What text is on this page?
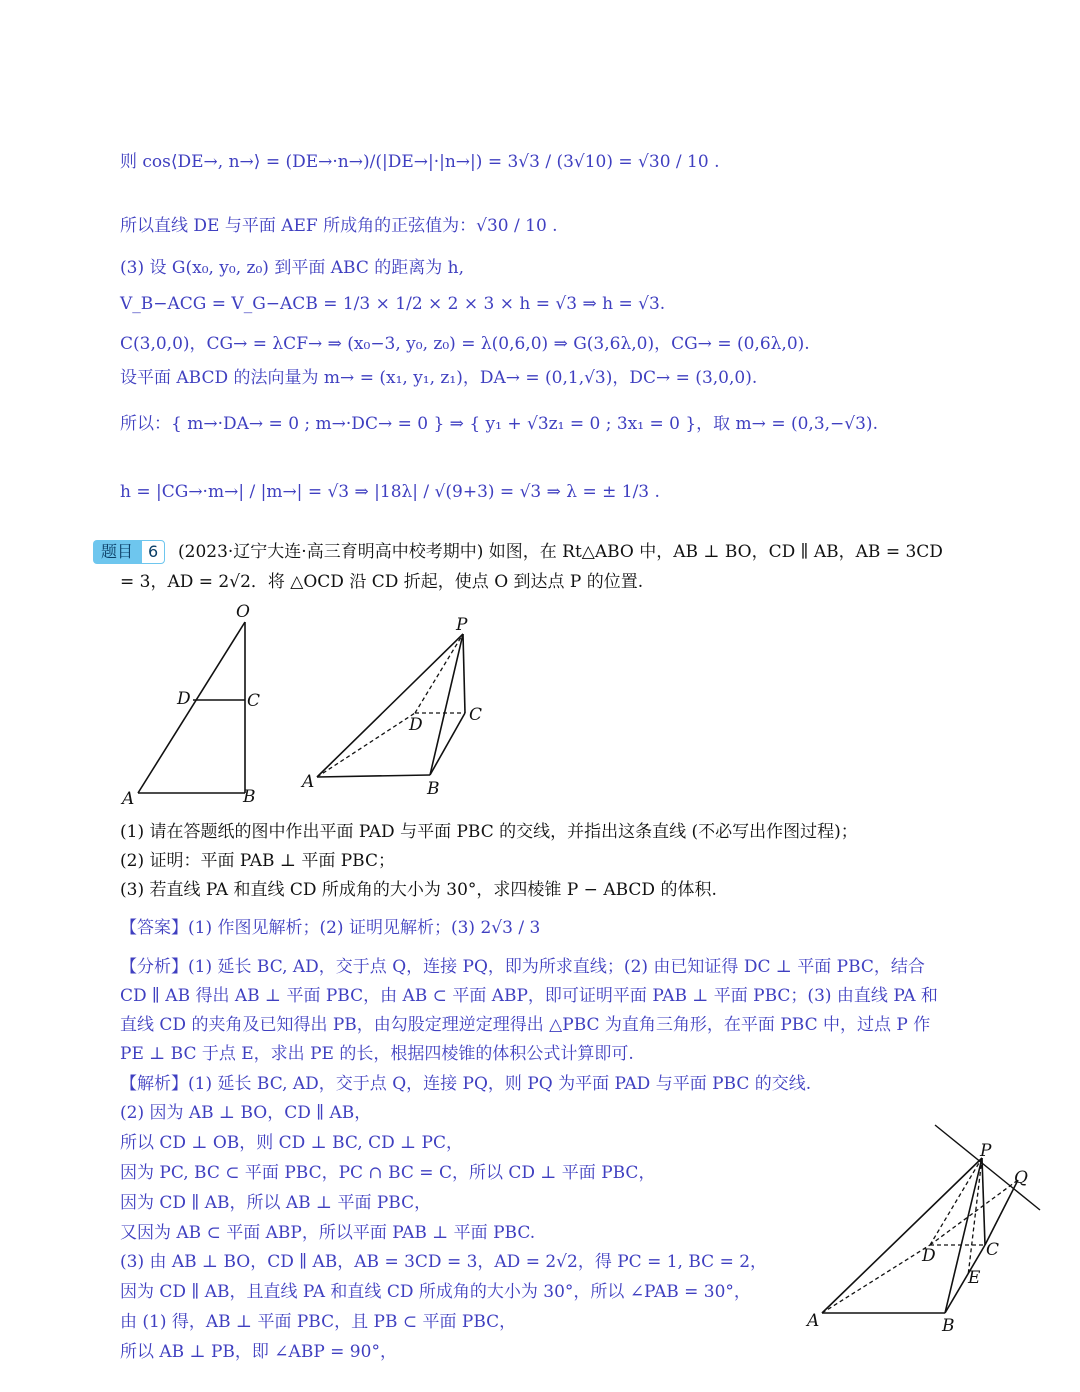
则 cos⟨DE→, n→⟩ = (DE→·n→)/(|DE→|·|n→|) = 3√3 / (3√10) = √30 / 10 .
所以直线 DE 与平面 AEF 所成角的正弦值为：√30 / 10 .
(3) 设 G(x₀, y₀, z₀) 到平面 ABC 的距离为 h,
V_B−ACG = V_G−ACB = 1/3 × 1/2 × 2 × 3 × h = √3 ⇒ h = √3.
C(3,0,0)，CG→ = λCF→ ⇒ (x₀−3, y₀, z₀) = λ(0,6,0) ⇒ G(3,6λ,0)，CG→ = (0,6λ,0).
设平面 ABCD 的法向量为 m→ = (x₁, y₁, z₁)，DA→ = (0,1,√3)，DC→ = (3,0,0).
所以：{ m→·DA→ = 0 ; m→·DC→ = 0 } ⇒ { y₁ + √3z₁ = 0 ; 3x₁ = 0 }，取 m→ = (0,3,−√3).
h = |CG→·m→| / |m→| = √3 ⇒ |18λ| / √(9+3) = √3 ⇒ λ = ± 1/3 .
题目 6	(2023·辽宁大连·高三育明高中校考期中) 如图，在 Rt△ABO 中，AB ⊥ BO，CD ∥ AB，AB = 3CD
= 3，AD = 2√2．将 △OCD 沿 CD 折起，使点 O 到达点 P 的位置.
O
D	C
A	B
P
D	C
A	B
(1) 请在答题纸的图中作出平面 PAD 与平面 PBC 的交线，并指出这条直线 (不必写出作图过程)；
(2) 证明：平面 PAB ⊥ 平面 PBC；
(3) 若直线 PA 和直线 CD 所成角的大小为 30°，求四棱锥 P − ABCD 的体积.
【答案】(1) 作图见解析；(2) 证明见解析；(3) 2√3 / 3
【分析】(1) 延长 BC, AD，交于点 Q，连接 PQ，即为所求直线；(2) 由已知证得 DC ⊥ 平面 PBC，结合
CD ∥ AB 得出 AB ⊥ 平面 PBC，由 AB ⊂ 平面 ABP，即可证明平面 PAB ⊥ 平面 PBC；(3) 由直线 PA 和
直线 CD 的夹角及已知得出 PB，由勾股定理逆定理得出 △PBC 为直角三角形，在平面 PBC 中，过点 P 作
PE ⊥ BC 于点 E，求出 PE 的长，根据四棱锥的体积公式计算即可.
【解析】(1) 延长 BC, AD，交于点 Q，连接 PQ，则 PQ 为平面 PAD 与平面 PBC 的交线.
(2) 因为 AB ⊥ BO，CD ∥ AB，
所以 CD ⊥ OB，则 CD ⊥ BC, CD ⊥ PC，
因为 PC, BC ⊂ 平面 PBC，PC ∩ BC = C，所以 CD ⊥ 平面 PBC，
因为 CD ∥ AB，所以 AB ⊥ 平面 PBC，
又因为 AB ⊂ 平面 ABP，所以平面 PAB ⊥ 平面 PBC.
(3) 由 AB ⊥ BO，CD ∥ AB，AB = 3CD = 3，AD = 2√2，得 PC = 1, BC = 2，
因为 CD ∥ AB，且直线 PA 和直线 CD 所成角的大小为 30°，所以 ∠PAB = 30°，
由 (1) 得，AB ⊥ 平面 PBC，且 PB ⊂ 平面 PBC，
所以 AB ⊥ PB，即 ∠ABP = 90°，
P
Q
D	C
E
A	B
